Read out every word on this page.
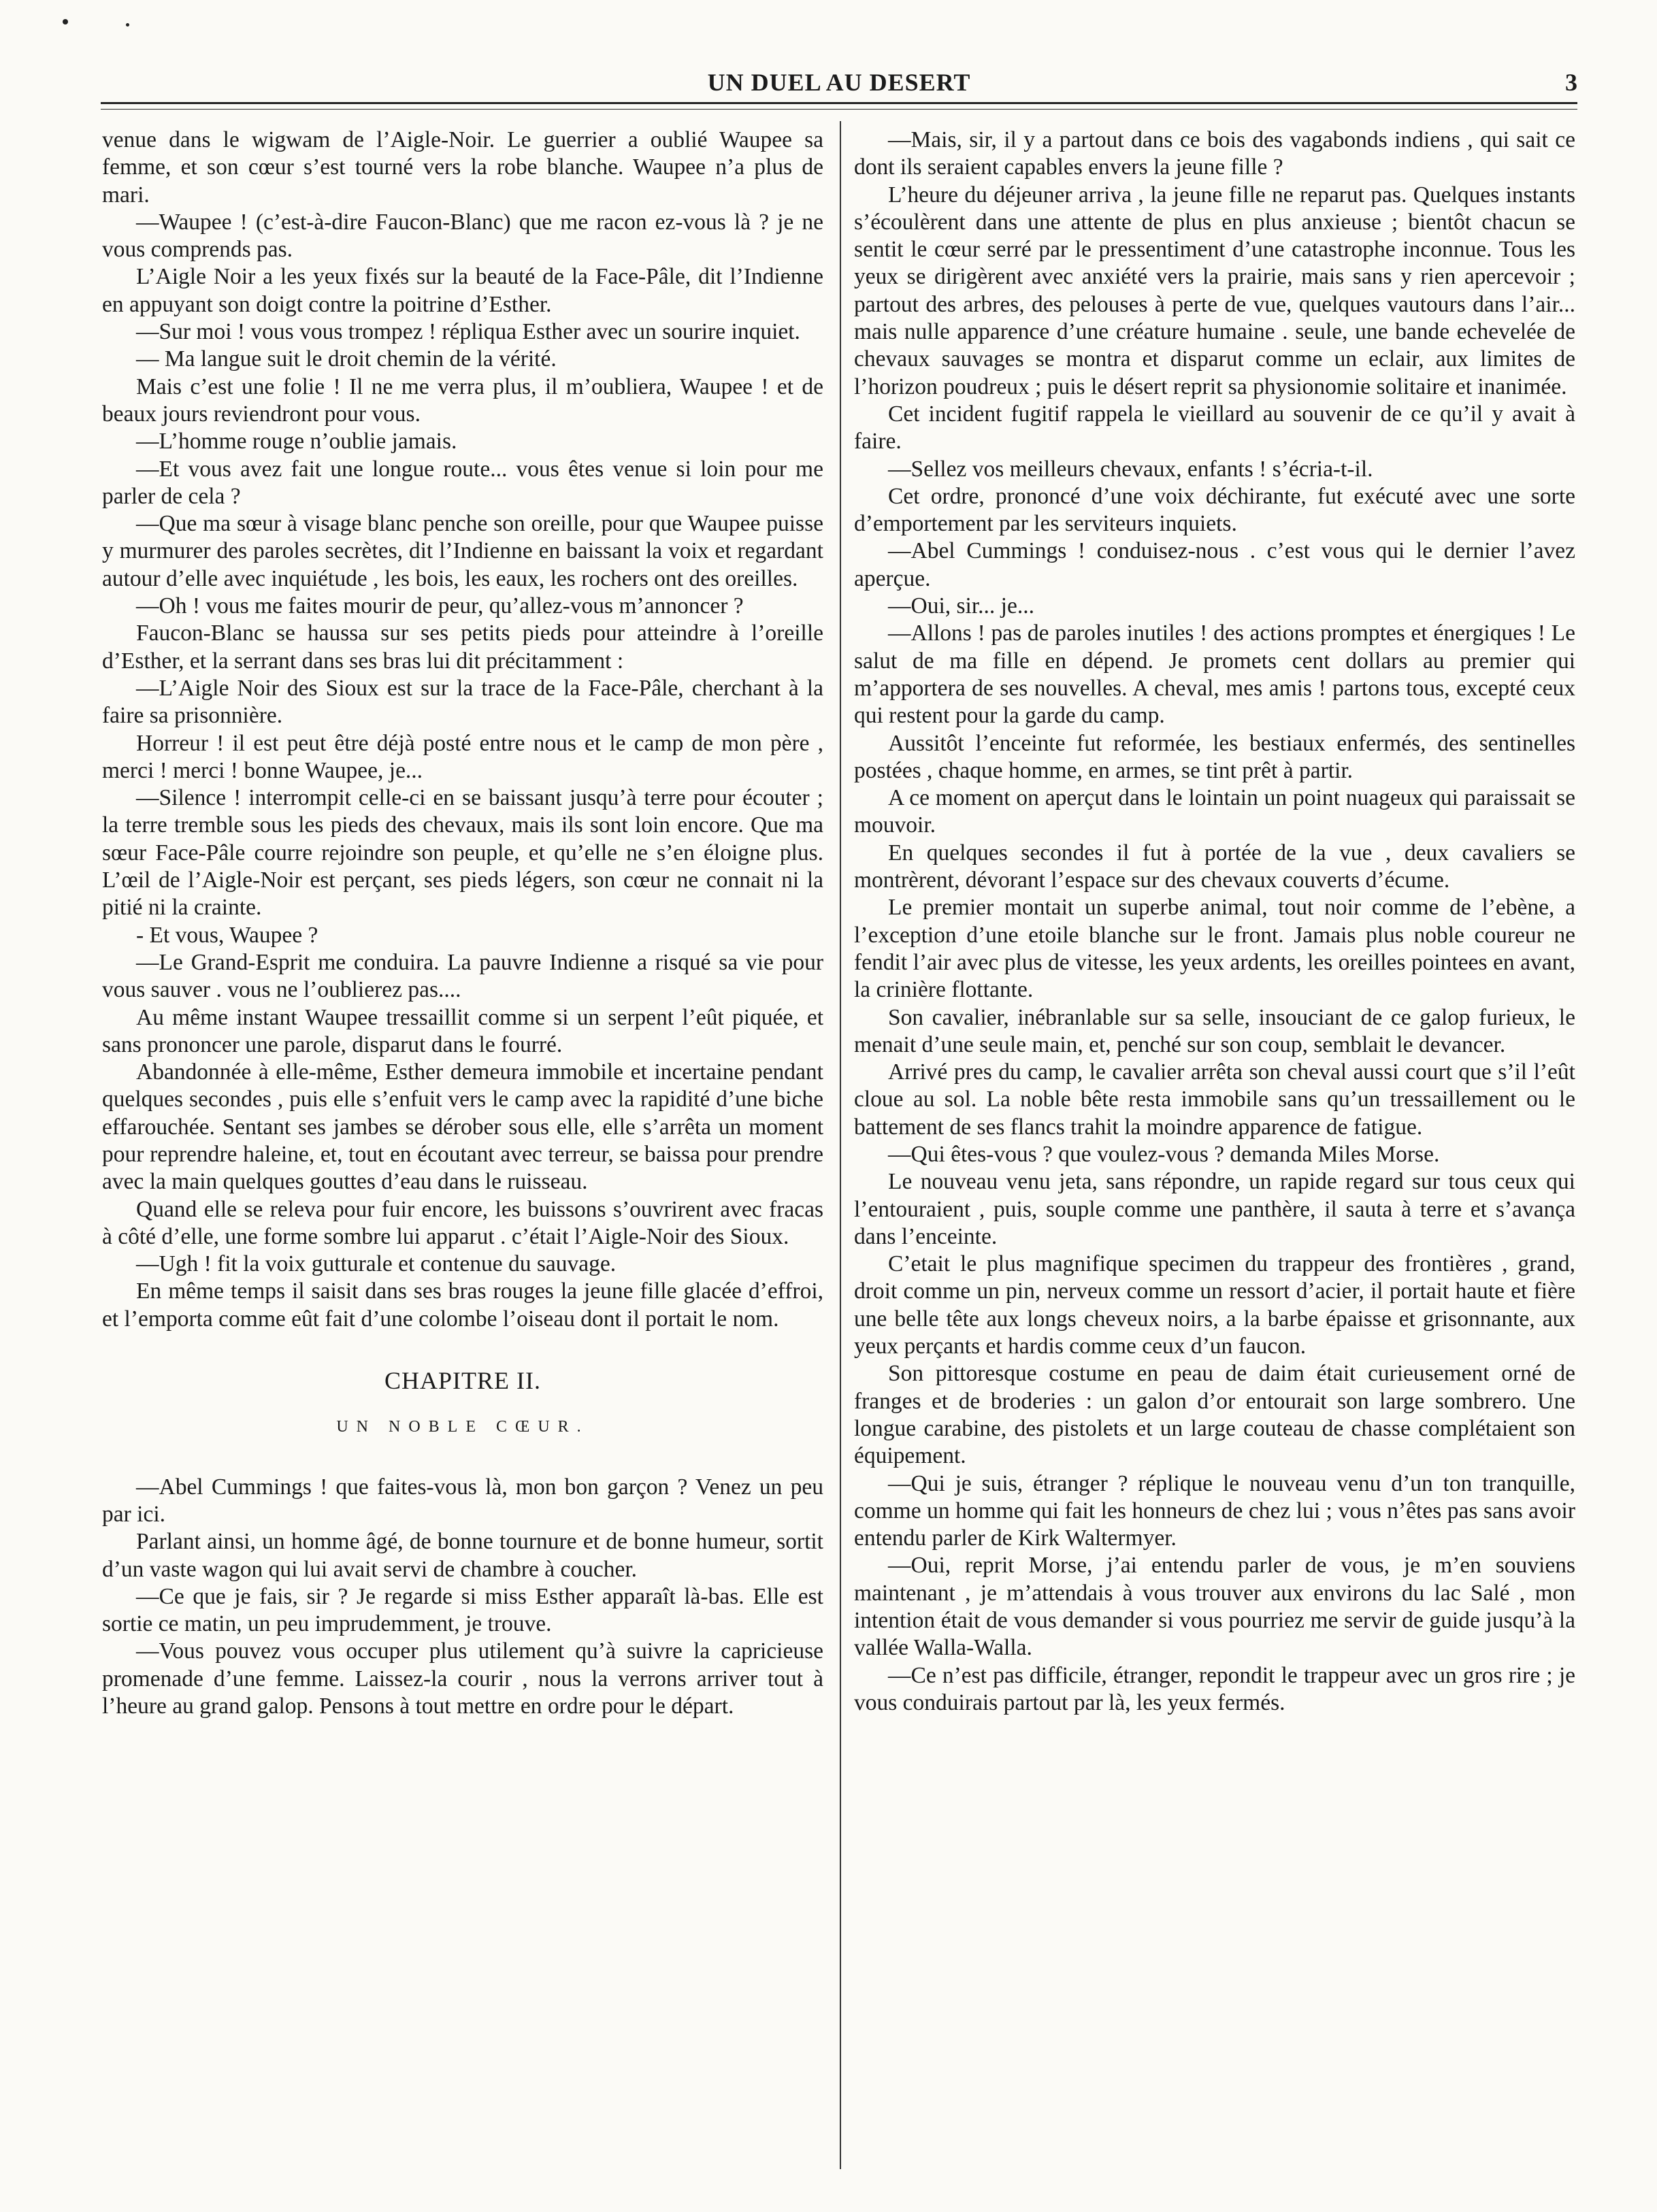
UN DUEL AU DESERT	3

venue dans le wigwam de l’Aigle-Noir. Le guerrier a oublié Waupee sa femme, et son cœur s’est tourné vers la robe blanche. Waupee n’a plus de mari.

—Waupee ! (c’est-à-dire Faucon-Blanc) que me racon ez-vous là ? je ne vous comprends pas.

L’Aigle Noir a les yeux fixés sur la beauté de la Face-Pâle, dit l’Indienne en appuyant son doigt contre la poitrine d’Esther.

—Sur moi ! vous vous trompez ! répliqua Esther avec un sourire inquiet.

— Ma langue suit le droit chemin de la vérité.

Mais c’est une folie ! Il ne me verra plus, il m’oubliera, Waupee ! et de beaux jours reviendront pour vous.

—L’homme rouge n’oublie jamais.

—Et vous avez fait une longue route... vous êtes venue si loin pour me parler de cela ?

—Que ma sœur à visage blanc penche son oreille, pour que Waupee puisse y murmurer des paroles secrètes, dit l’Indienne en baissant la voix et regardant autour d’elle avec inquiétude , les bois, les eaux, les rochers ont des oreilles.

—Oh ! vous me faites mourir de peur, qu’allez-vous m’annoncer ?

Faucon-Blanc se haussa sur ses petits pieds pour atteindre à l’oreille d’Esther, et la serrant dans ses bras lui dit précitamment :

—L’Aigle Noir des Sioux est sur la trace de la Face-Pâle, cherchant à la faire sa prisonnière.

Horreur ! il est peut être déjà posté entre nous et le camp de mon père , merci ! merci ! bonne Waupee, je...

—Silence ! interrompit celle-ci en se baissant jusqu’à terre pour écouter ; la terre tremble sous les pieds des chevaux, mais ils sont loin encore. Que ma sœur Face-Pâle courre rejoindre son peuple, et qu’elle ne s’en éloigne plus. L’œil de l’Aigle-Noir est perçant, ses pieds légers, son cœur ne connait ni la pitié ni la crainte.

- Et vous, Waupee ?

—Le Grand-Esprit me conduira. La pauvre Indienne a risqué sa vie pour vous sauver . vous ne l’oublierez pas....

Au même instant Waupee tressaillit comme si un serpent l’eût piquée, et sans prononcer une parole, disparut dans le fourré.

Abandonnée à elle-même, Esther demeura immobile et incertaine pendant quelques secondes , puis elle s’enfuit vers le camp avec la rapidité d’une biche effarouchée. Sentant ses jambes se dérober sous elle, elle s’arrêta un moment pour reprendre haleine, et, tout en écoutant avec terreur, se baissa pour prendre avec la main quelques gouttes d’eau dans le ruisseau.

Quand elle se releva pour fuir encore, les buissons s’ouvrirent avec fracas à côté d’elle, une forme sombre lui apparut . c’était l’Aigle-Noir des Sioux.

—Ugh ! fit la voix gutturale et contenue du sauvage.

En même temps il saisit dans ses bras rouges la jeune fille glacée d’effroi, et l’emporta comme eût fait d’une colombe l’oiseau dont il portait le nom.

CHAPITRE II.
UN NOBLE CŒUR.

—Abel Cummings ! que faites-vous là, mon bon garçon ? Venez un peu par ici.

Parlant ainsi, un homme âgé, de bonne tournure et de bonne humeur, sortit d’un vaste wagon qui lui avait servi de chambre à coucher.

—Ce que je fais, sir ? Je regarde si miss Esther apparaît là-bas. Elle est sortie ce matin, un peu imprudemment, je trouve.

—Vous pouvez vous occuper plus utilement qu’à suivre la capricieuse promenade d’une femme. Laissez-la courir , nous la verrons arriver tout à l’heure au grand galop. Pensons à tout mettre en ordre pour le départ.

—Mais, sir, il y a partout dans ce bois des vagabonds indiens , qui sait ce dont ils seraient capables envers la jeune fille ?

L’heure du déjeuner arriva , la jeune fille ne reparut pas. Quelques instants s’écoulèrent dans une attente de plus en plus anxieuse ; bientôt chacun se sentit le cœur serré par le pressentiment d’une catastrophe inconnue. Tous les yeux se dirigèrent avec anxiété vers la prairie, mais sans y rien apercevoir ; partout des arbres, des pelouses à perte de vue, quelques vautours dans l’air... mais nulle apparence d’une créature humaine . seule, une bande echevelée de chevaux sauvages se montra et disparut comme un eclair, aux limites de l’horizon poudreux ; puis le désert reprit sa physionomie solitaire et inanimée.

Cet incident fugitif rappela le vieillard au souvenir de ce qu’il y avait à faire.

—Sellez vos meilleurs chevaux, enfants ! s’écria-t-il.

Cet ordre, prononcé d’une voix déchirante, fut exécuté avec une sorte d’emportement par les serviteurs inquiets.

—Abel Cummings ! conduisez-nous . c’est vous qui le dernier l’avez aperçue.

—Oui, sir... je...

—Allons ! pas de paroles inutiles ! des actions promptes et énergiques ! Le salut de ma fille en dépend. Je promets cent dollars au premier qui m’apportera de ses nouvelles. A cheval, mes amis ! partons tous, excepté ceux qui restent pour la garde du camp.

Aussitôt l’enceinte fut reformée, les bestiaux enfermés, des sentinelles postées , chaque homme, en armes, se tint prêt à partir.

A ce moment on aperçut dans le lointain un point nuageux qui paraissait se mouvoir.

En quelques secondes il fut à portée de la vue , deux cavaliers se montrèrent, dévorant l’espace sur des chevaux couverts d’écume.

Le premier montait un superbe animal, tout noir comme de l’ebène, a l’exception d’une etoile blanche sur le front. Jamais plus noble coureur ne fendit l’air avec plus de vitesse, les yeux ardents, les oreilles pointees en avant, la crinière flottante.

Son cavalier, inébranlable sur sa selle, insouciant de ce galop furieux, le menait d’une seule main, et, penché sur son coup, semblait le devancer.

Arrivé pres du camp, le cavalier arrêta son cheval aussi court que s’il l’eût cloue au sol. La noble bête resta immobile sans qu’un tressaillement ou le battement de ses flancs trahit la moindre apparence de fatigue.

—Qui êtes-vous ? que voulez-vous ? demanda Miles Morse.

Le nouveau venu jeta, sans répondre, un rapide regard sur tous ceux qui l’entouraient , puis, souple comme une panthère, il sauta à terre et s’avança dans l’enceinte.

C’etait le plus magnifique specimen du trappeur des frontières , grand, droit comme un pin, nerveux comme un ressort d’acier, il portait haute et fière une belle tête aux longs cheveux noirs, a la barbe épaisse et grisonnante, aux yeux perçants et hardis comme ceux d’un faucon.

Son pittoresque costume en peau de daim était curieusement orné de franges et de broderies : un galon d’or entourait son large sombrero. Une longue carabine, des pistolets et un large couteau de chasse complétaient son équipement.

—Qui je suis, étranger ? réplique le nouveau venu d’un ton tranquille, comme un homme qui fait les honneurs de chez lui ; vous n’êtes pas sans avoir entendu parler de Kirk Waltermyer.

—Oui, reprit Morse, j’ai entendu parler de vous, je m’en souviens maintenant , je m’attendais à vous trouver aux environs du lac Salé , mon intention était de vous demander si vous pourriez me servir de guide jusqu’à la vallée Walla-Walla.

—Ce n’est pas difficile, étranger, repondit le trappeur avec un gros rire ; je vous conduirais partout par là, les yeux fermés.
